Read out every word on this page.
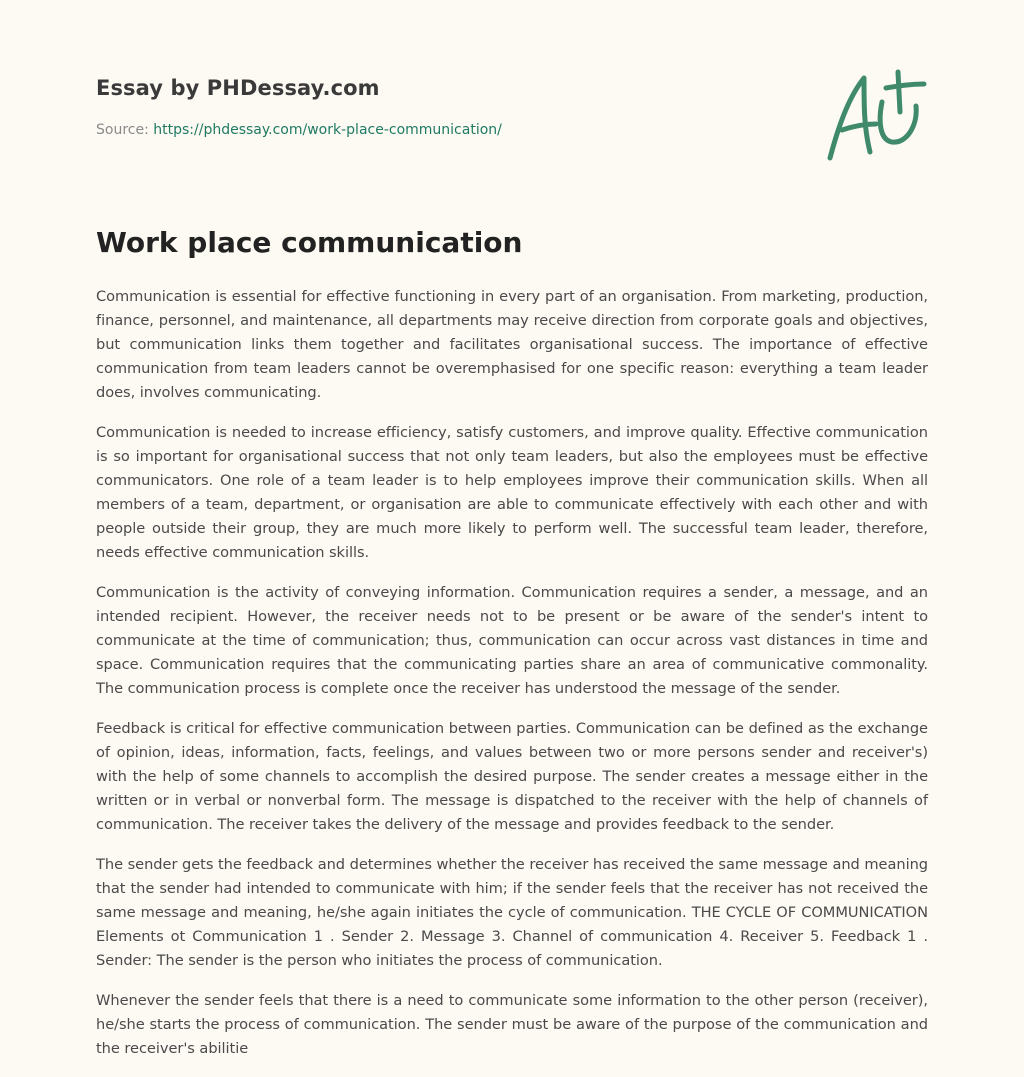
Essay by PHDessay.com
Source: https://phdessay.com/work-place-communication/
Work place communication

Communication is essential for effective functioning in every part of an organisation. From marketing, production, finance, personnel, and maintenance, all departments may receive direction from corporate goals and objectives, but communication links them together and facilitates organisational success. The importance of effective communication from team leaders cannot be overemphasised for one specific reason: everything a team leader does, involves communicating.

Communication is needed to increase efficiency, satisfy customers, and improve quality. Effective communication is so important for organisational success that not only team leaders, but also the employees must be effective communicators. One role of a team leader is to help employees improve their communication skills. When all members of a team, department, or organisation are able to communicate effectively with each other and with people outside their group, they are much more likely to perform well. The successful team leader, therefore, needs effective communication skills.

Communication is the activity of conveying information. Communication requires a sender, a message, and an intended recipient. However, the receiver needs not to be present or be aware of the sender's intent to communicate at the time of communication; thus, communication can occur across vast distances in time and space. Communication requires that the communicating parties share an area of communicative commonality. The communication process is complete once the receiver has understood the message of the sender.

Feedback is critical for effective communication between parties. Communication can be defined as the exchange of opinion, ideas, information, facts, feelings, and values between two or more persons sender and receiver's) with the help of some channels to accomplish the desired purpose. The sender creates a message either in the written or in verbal or nonverbal form. The message is dispatched to the receiver with the help of channels of communication. The receiver takes the delivery of the message and provides feedback to the sender.

The sender gets the feedback and determines whether the receiver has received the same message and meaning that the sender had intended to communicate with him; if the sender feels that the receiver has not received the same message and meaning, he/she again initiates the cycle of communication. THE CYCLE OF COMMUNICATION Elements ot Communication 1 . Sender 2. Message 3. Channel of communication 4. Receiver 5. Feedback 1 . Sender: The sender is the person who initiates the process of communication.

Whenever the sender feels that there is a need to communicate some information to the other person (receiver), he/she starts the process of communication. The sender must be aware of the purpose of the communication and the receiver's abilitie
